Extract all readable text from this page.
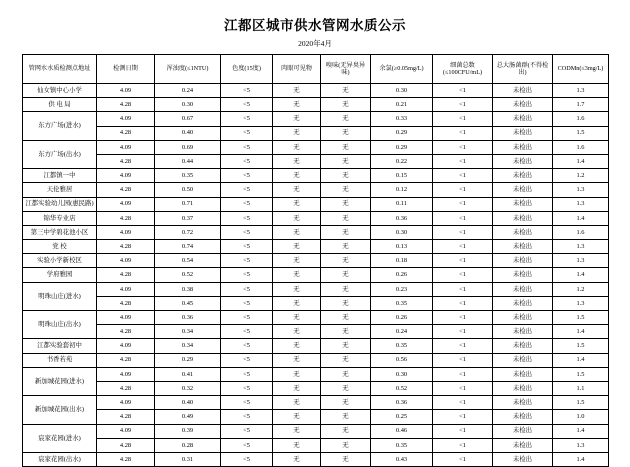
江都区城市供水管网水质公示
2020年4月
管网水水质检测点地址	检测日期	浑浊度(≤1NTU)	色度(15度)	肉眼可见物	嗅味(无异臭异味)	余氯(≥0.05mg/L)	细菌总数(≤100CFU/mL)	总大肠菌群(不得检出)	CODMn(≤3mg/L)
仙女镇中心小学	4.09	0.24	<5	无	无	0.30	<1	未检出	1.3
供 电 局	4.28	0.30	<5	无	无	0.21	<1	未检出	1.7
东方广场(进水)	4.09	0.67	<5	无	无	0.33	<1	未检出	1.6
	4.28	0.40	<5	无	无	0.29	<1	未检出	1.5
东方广场(出水)	4.09	0.69	<5	无	无	0.29	<1	未检出	1.6
	4.28	0.44	<5	无	无	0.22	<1	未检出	1.4
江都镇一中	4.09	0.35	<5	无	无	0.15	<1	未检出	1.2
天伦雅居	4.28	0.50	<5	无	无	0.12	<1	未检出	1.3
江都实验幼儿园(惠民路)	4.09	0.71	<5	无	无	0.11	<1	未检出	1.3
锦华专业店	4.28	0.37	<5	无	无	0.36	<1	未检出	1.4
第三中学碧花池小区	4.09	0.72	<5	无	无	0.30	<1	未检出	1.6
党 校	4.28	0.74	<5	无	无	0.13	<1	未检出	1.3
实验小学新校区	4.09	0.54	<5	无	无	0.18	<1	未检出	1.3
学府雅园	4.28	0.52	<5	无	无	0.26	<1	未检出	1.4
明珠山庄(进水)	4.09	0.38	<5	无	无	0.23	<1	未检出	1.2
	4.28	0.45	<5	无	无	0.35	<1	未检出	1.3
明珠山庄(出水)	4.09	0.36	<5	无	无	0.26	<1	未检出	1.5
	4.28	0.34	<5	无	无	0.24	<1	未检出	1.4
江都实验套初中	4.09	0.34	<5	无	无	0.35	<1	未检出	1.5
书香若苑	4.28	0.29	<5	无	无	0.56	<1	未检出	1.4
新加城花园(进水)	4.09	0.41	<5	无	无	0.30	<1	未检出	1.5
	4.28	0.32	<5	无	无	0.52	<1	未检出	1.1
新加城花园(出水)	4.09	0.40	<5	无	无	0.36	<1	未检出	1.5
	4.28	0.49	<5	无	无	0.25	<1	未检出	1.0
宸家花园(进水)	4.09	0.39	<5	无	无	0.46	<1	未检出	1.4
	4.28	0.28	<5	无	无	0.35	<1	未检出	1.3
宸家花园(出水)	4.28	0.31	<5	无	无	0.43	<1	未检出	1.4
